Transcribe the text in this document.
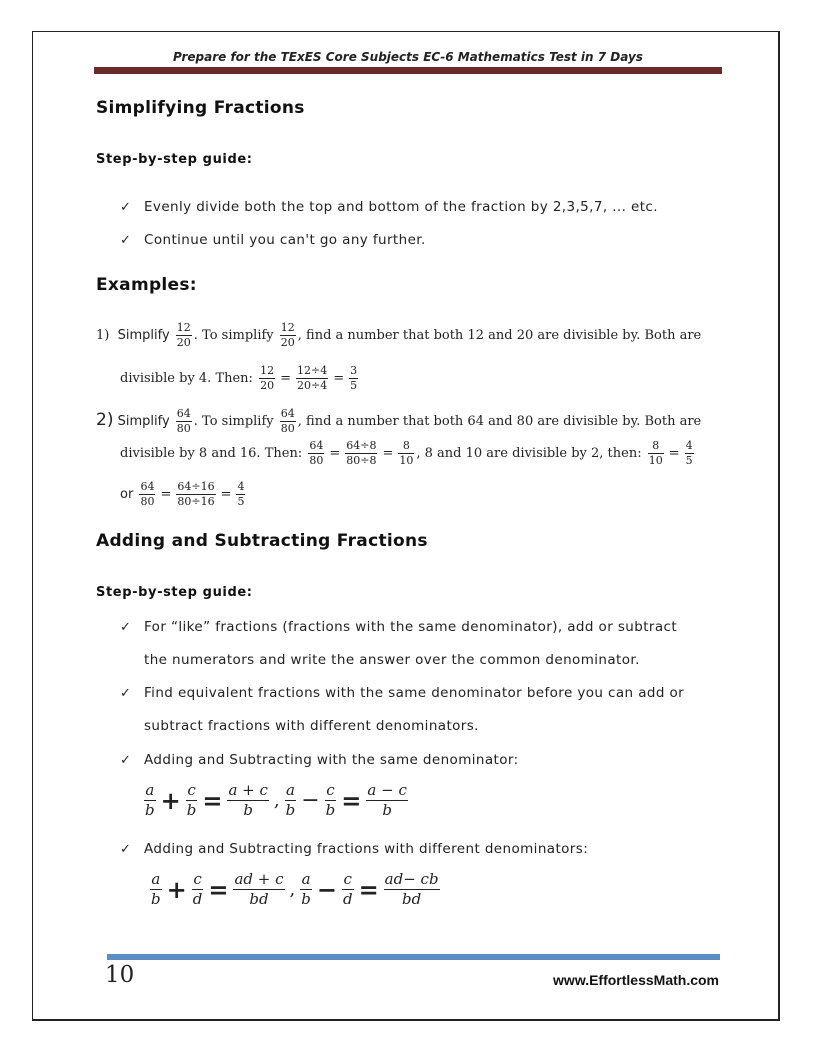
Prepare for the TExES Core Subjects EC-6 Mathematics Test in 7 Days
Simplifying Fractions
Step-by-step guide:
✓ Evenly divide both the top and bottom of the fraction by 2,3,5,7, ... etc.
✓ Continue until you can't go any further.
Examples:
1) Simplify $\frac{12}{20}$ . To simplify $\frac{12}{20}$ , find a number that both 12 and 20 are divisible by. Both are
divisible by 4. Then: $\frac{12}{20} = \frac{12\div 4}{20\div 4} = \frac{3}{5}$
2) Simplify $\frac{64}{80}$ . To simplify $\frac{64}{80}$ , find a number that both 64 and 80 are divisible by. Both are
divisible by 8 and 16. Then: $\frac{64}{80} = \frac{64\div 8}{80\div 8} = \frac{8}{10}$ , 8 and 10 are divisible by 2, then: $\frac{8}{10} = \frac{4}{5}$
or $\frac{64}{80} = \frac{64\div 16}{80\div 16} = \frac{4}{5}$
Adding and Subtracting Fractions
Step-by-step guide:
✓ For “like” fractions (fractions with the same denominator), add or subtract
the numerators and write the answer over the common denominator.
✓ Find equivalent fractions with the same denominator before you can add or
subtract fractions with different denominators.
✓ Adding and Subtracting with the same denominator:
$\frac{a}{b} + \frac{c}{b} = \frac{a + c}{b}$ , $\frac{a}{b} - \frac{c}{b} = \frac{a - c}{b}$
✓ Adding and Subtracting fractions with different denominators:
$\frac{a}{b} + \frac{c}{d} = \frac{ad + c}{bd}$ , $\frac{a}{b} - \frac{c}{d} = \frac{ad- cb}{bd}$
10	www.EffortlessMath.com
